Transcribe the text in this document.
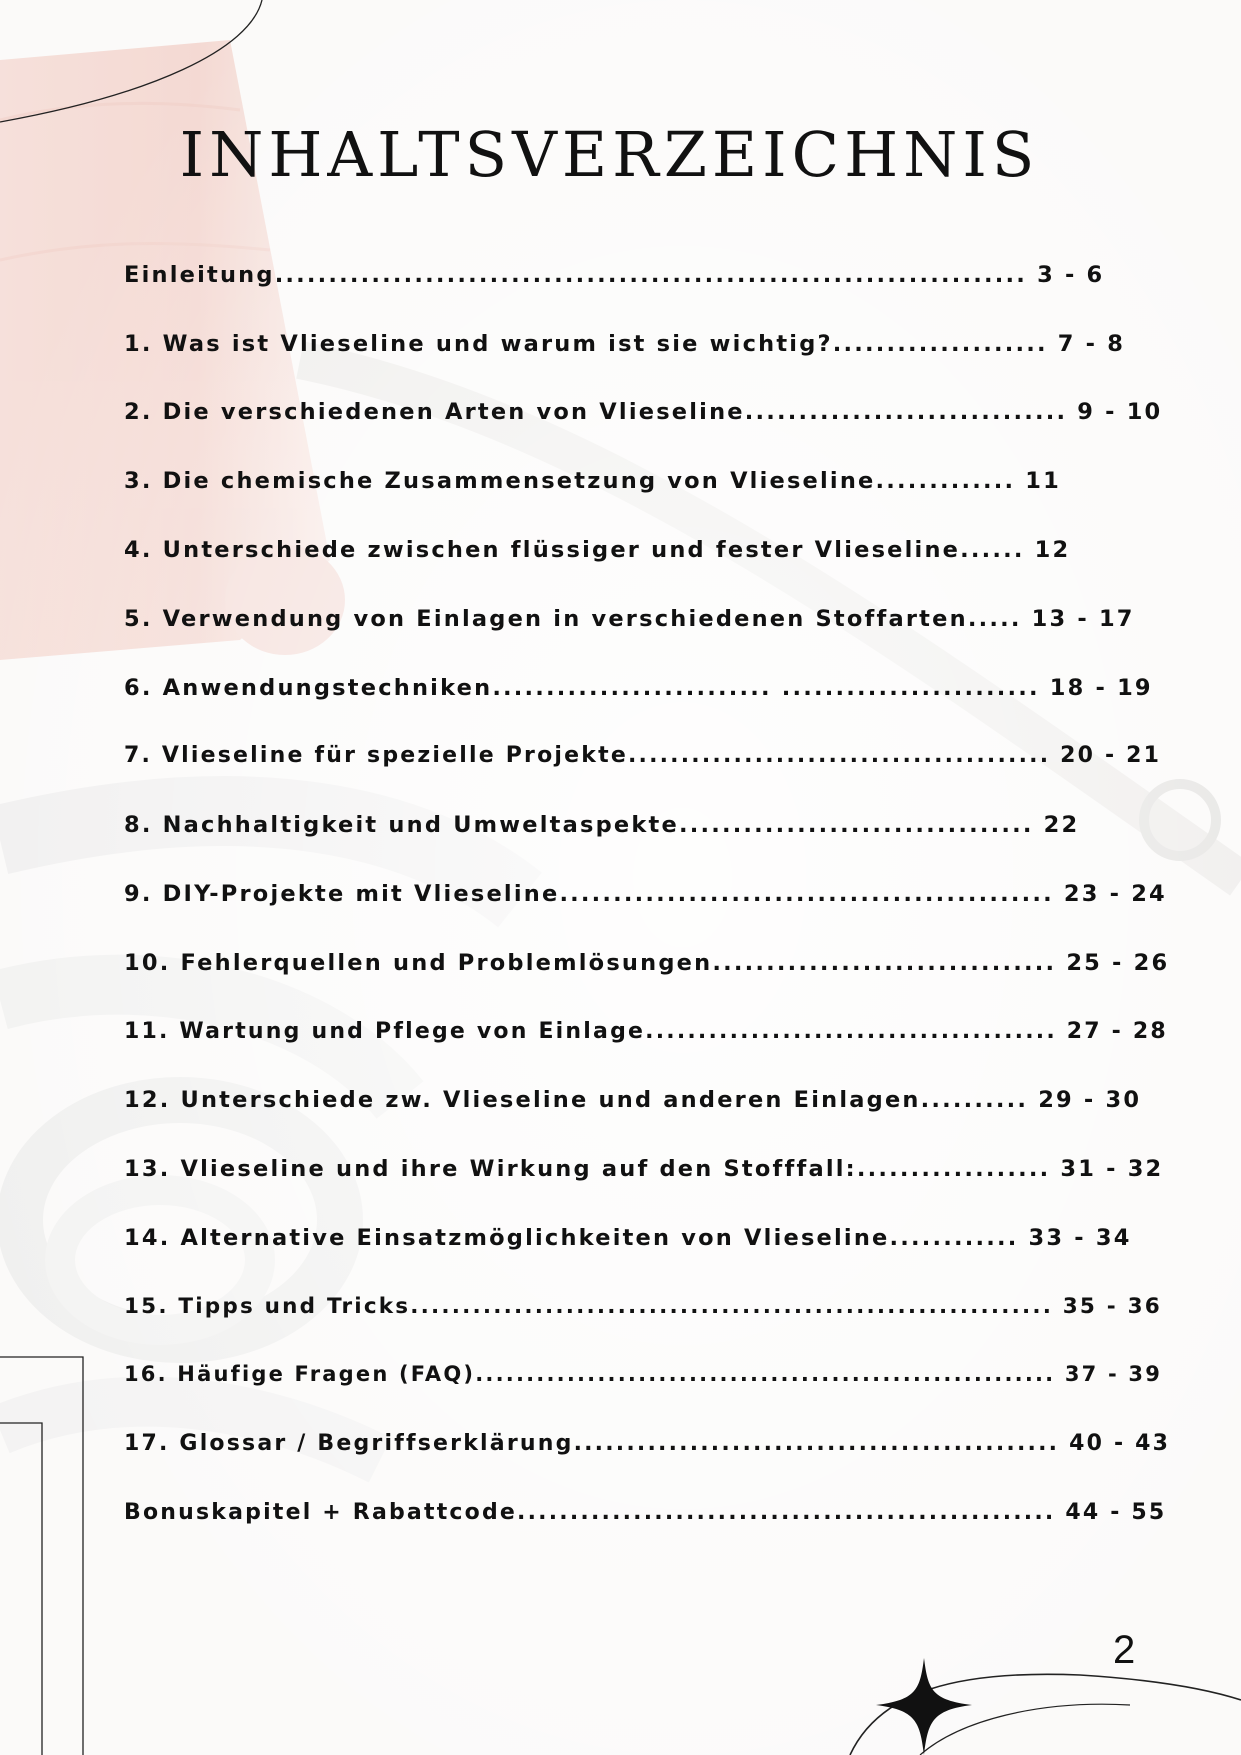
INHALTSVERZEICHNIS
Einleitung...................................................................... 3 - 6
1. Was ist Vlieseline und warum ist sie wichtig?.................... 7 - 8
2. Die verschiedenen Arten von Vlieseline.............................. 9 - 10
3. Die chemische Zusammensetzung von Vlieseline............. 11
4. Unterschiede zwischen flüssiger und fester Vlieseline...... 12
5. Verwendung von Einlagen in verschiedenen Stoffarten..... 13 - 17
6. Anwendungstechniken.......................... ........................ 18 - 19
7. Vlieseline für spezielle Projekte........................................ 20 - 21
8. Nachhaltigkeit und Umweltaspekte................................. 22
9. DIY-Projekte mit Vlieseline.............................................. 23 - 24
10. Fehlerquellen und Problemlösungen................................ 25 - 26
11. Wartung und Pflege von Einlage....................................... 27 - 28
12. Unterschiede zw. Vlieseline und anderen Einlagen.......... 29 - 30
13. Vlieseline und ihre Wirkung auf den Stofffall:.................. 31 - 32
14. Alternative Einsatzmöglichkeiten von Vlieseline............ 33 - 34
15. Tipps und Tricks.............................................................. 35 - 36
16. Häufige Fragen (FAQ)......................................................... 37 - 39
17. Glossar / Begriffserklärung.............................................. 40 - 43
Bonuskapitel + Rabattcode................................................... 44 - 55
2
